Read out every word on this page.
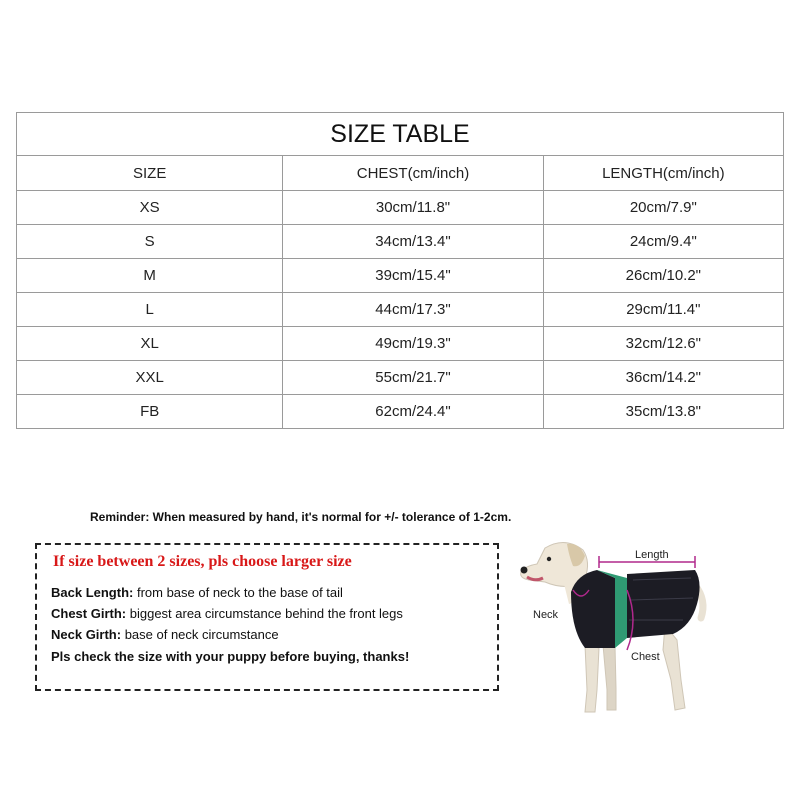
SIZE TABLE		
SIZE	CHEST(cm/inch)	LENGTH(cm/inch)
XS	30cm/11.8"	20cm/7.9"
S	34cm/13.4"	24cm/9.4"
M	39cm/15.4"	26cm/10.2"
L	44cm/17.3"	29cm/11.4"
XL	49cm/19.3"	32cm/12.6"
XXL	55cm/21.7"	36cm/14.2"
FB	62cm/24.4"	35cm/13.8"
Reminder: When measured by hand, it's normal for +/- tolerance of 1-2cm.
If size between 2 sizes, pls choose larger size
Back Length: from base of neck to the base of tail
Chest Girth: biggest area circumstance behind the front legs
Neck Girth: base of neck circumstance
Pls check the size with your puppy before buying, thanks!
Length
Neck
Chest
